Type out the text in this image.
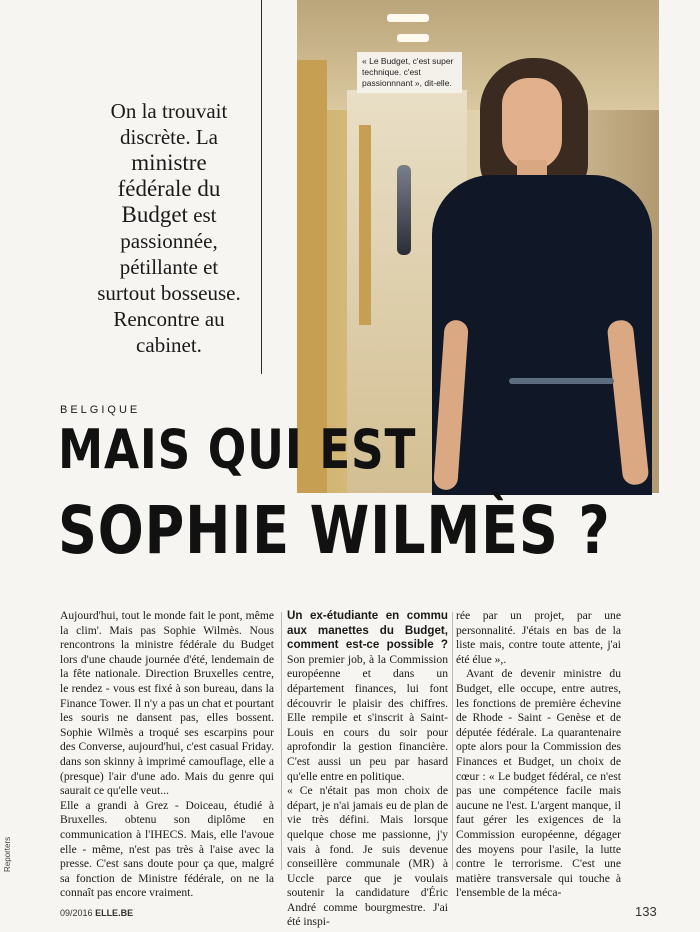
On la trouvait
discrète. La
ministre
fédérale du
Budget est
passionnée,
pétillante et
surtout bosseuse.
Rencontre au
cabinet.
« Le Budget, c'est super technique. c'est passionnnant », dit-elle.
BELGIQUE
MAIS QUI EST
SOPHIE WILMÈS ?

Aujourd'hui, tout le monde fait le pont, même la clim'. Mais pas Sophie Wilmès. Nous rencontrons la ministre fédérale du Budget lors d'une chaude journée d'été, lendemain de la fête nationale. Direction Bruxelles centre, le rendez - vous est fixé à son bureau, dans la Finance Tower. Il n'y a pas un chat et pourtant les souris ne dansent pas, elles bossent. Sophie Wilmès a troqué ses escarpins pour des Converse, aujourd'hui, c'est casual Friday. dans son skinny à imprimé camouflage, elle a (presque) l'air d'une ado. Mais du genre qui saurait ce qu'elle veut...

Elle a grandi à Grez - Doiceau, étudié à Bruxelles. obtenu son diplôme en communication à l'IHECS. Mais, elle l'avoue elle - même, n'est pas très à l'aise avec la presse. C'est sans doute pour ça que, malgré sa fonction de Ministre fédérale, on ne la connaît pas encore vraiment.

Un ex-étudiante en commu aux manettes du Budget, comment est-ce possible ? Son premier job, à la Commission européenne et dans un département finances, lui font découvrir le plaisir des chiffres. Elle rempile et s'inscrit à Saint- Louis en cours du soir pour aprofondir la gestion financière. C'est aussi un peu par hasard qu'elle entre en politique.

« Ce n'était pas mon choix de départ, je n'ai jamais eu de plan de vie très défini. Mais lorsque quelque chose me passionne, j'y vais à fond. Je suis devenue conseillère communale (MR) à Uccle parce que je voulais soutenir la candidature d'Éric André comme bourgmestre. J'ai été inspi-

rée par un projet, par une personnalité. J'étais en bas de la liste mais, contre toute attente, j'ai été élue »,.

Avant de devenir ministre du Budget, elle occupe, entre autres, les fonctions de première échevine de Rhode - Saint - Genèse et de députée fédérale. La quarantenaire opte alors pour la Commission des Finances et Budget, un choix de cœur : « Le budget fédéral, ce n'est pas une compétence facile mais aucune ne l'est. L'argent manque, il faut gérer les exigences de la Commission européenne, dégager des moyens pour l'asile, la lutte contre le terrorisme. C'est une matière transversale qui touche à l'ensemble de la méca-

Reporters
09/2016 ELLE.BE	133
